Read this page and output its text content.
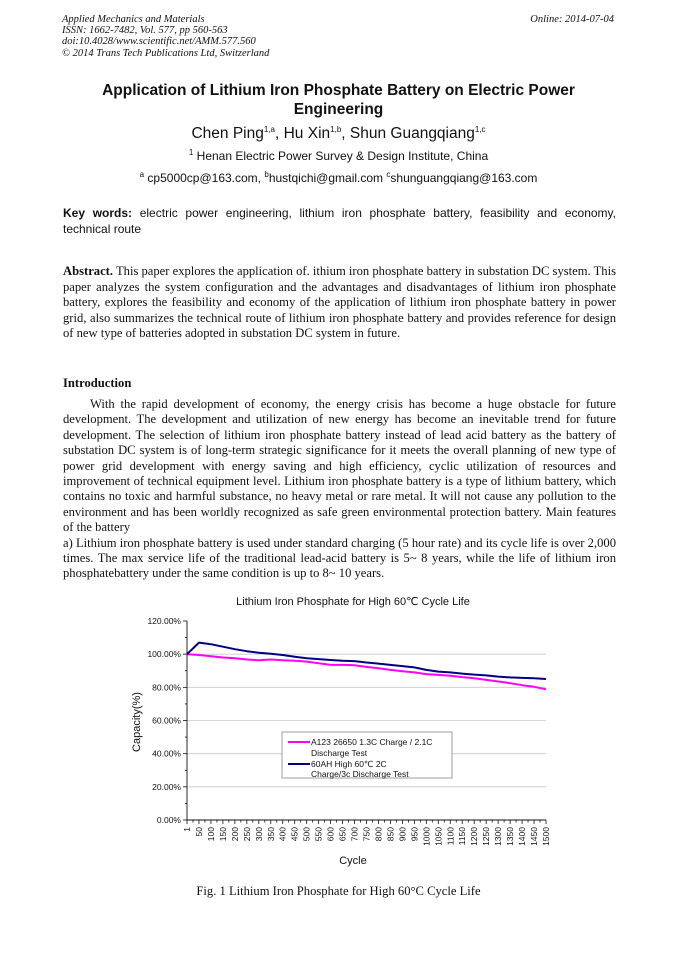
Applied Mechanics and Materials
ISSN: 1662-7482, Vol. 577, pp 560-563
doi:10.4028/www.scientific.net/AMM.577.560
© 2014 Trans Tech Publications Ltd, Switzerland
Online: 2014-07-04
Application of Lithium Iron Phosphate Battery on Electric Power Engineering
Chen Ping$^{1,a}$, Hu Xin$^{1,b}$, Shun Guangqiang$^{1,c}$
$^1$ Henan Electric Power Survey & Design Institute, China
$^a$ cp5000cp@163.com, $^b$hustqichi@gmail.com $^c$shunguangqiang@163.com
Key words: electric power engineering, lithium iron phosphate battery, feasibility and economy, technical route
Abstract. This paper explores the application of. ithium iron phosphate battery in substation DC system. This paper analyzes the system configuration and the advantages and disadvantages of lithium iron phosphate battery, explores the feasibility and economy of the application of lithium iron phosphate battery in power grid, also summarizes the technical route of lithium iron phosphate battery and provides reference for design of new type of batteries adopted in substation DC system in future.
Introduction

With the rapid development of economy, the energy crisis has become a huge obstacle for future development. The development and utilization of new energy has become an inevitable trend for future development. The selection of lithium iron phosphate battery instead of lead acid battery as the battery of substation DC system is of long-term strategic significance for it meets the overall planning of new type of power grid development with energy saving and high efficiency, cyclic utilization of resources and improvement of technical equipment level. Lithium iron phosphate battery is a type of lithium battery, which contains no toxic and harmful substance, no heavy metal or rare metal. It will not cause any pollution to the environment and has been worldly recognized as safe green environmental protection battery. Main features of the battery

a) Lithium iron phosphate battery is used under standard charging (5 hour rate) and its cycle life is over 2,000 times. The max service life of the traditional lead-acid battery is 5~ 8 years, while the life of lithium iron phosphatebattery under the same condition is up to 8~ 10 years.

Lithium Iron Phosphate for High 60℃ Cycle Life
0.00%
20.00%
40.00%
60.00%
80.00%
100.00%
120.00%
1 50 100 150 200 250 300 350 400 450 500 550 600 650 700 750 800 850 900 950 1000 1050 1100 1150 1200 1250 1300 1350 1400 1450 1500
Cycle
Capacity(%)	A123 26650 1.3C Charge / 2.1C
Discharge Test
60AH High 60℃ 2C
Charge/3c Discharge Test
Fig. 1 Lithium Iron Phosphate for High 60°C Cycle Life
